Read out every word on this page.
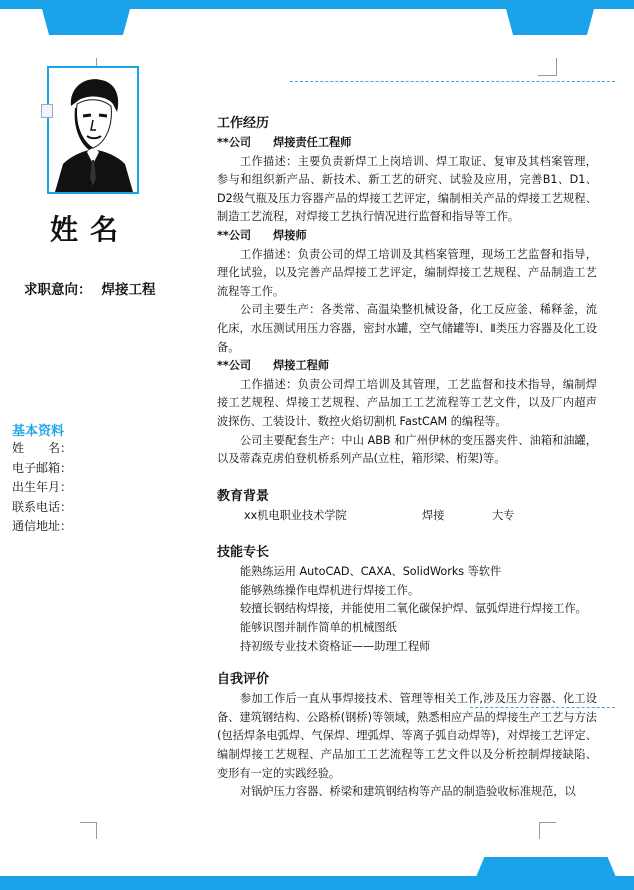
姓名
求职意向： 焊接工程
基本资料
姓　　名：
电子邮箱：
出生年月：
联系电话：
通信地址：
工作经历
**公司 焊接责任工程师

工作描述：主要负责新焊工上岗培训、焊工取证、复审及其档案管理，参与和组织新产品、新技术、新工艺的研究、试验及应用，完善B1、D1、D2级气瓶及压力容器产品的焊接工艺评定，编制相关产品的焊接工艺规程、制造工艺流程，对焊接工艺执行情况进行监督和指导等工作。

**公司 焊接师

工作描述：负责公司的焊工培训及其档案管理，现场工艺监督和指导，理化试验，以及完善产品焊接工艺评定，编制焊接工艺规程、产品制造工艺流程等工作。

公司主要生产：各类常、高温染整机械设备，化工反应釜、稀释釜，流化床，水压测试用压力容器，密封水罐，空气储罐等Ⅰ、Ⅱ类压力容器及化工设备。

**公司 焊接工程师

工作描述：负责公司焊工培训及其管理，工艺监督和技术指导，编制焊接工艺规程、焊接工艺规程、产品加工工艺流程等工艺文件，以及厂内超声波探伤、工装设计、数控火焰切割机 FastCAM 的编程等。

公司主要配套生产：中山 ABB 和广州伊林的变压器夹件、油箱和油罐，以及蒂森克虏伯登机桥系列产品(立柱，箱形梁、桁架)等。

教育背景
xx机电职业技术学院	焊接	大专
技能专长
能熟练运用 AutoCAD、CAXA、SolidWorks 等软件
能够熟练操作电焊机进行焊接工作。
较擅长钢结构焊接，并能使用二氧化碳保护焊、氩弧焊进行焊接工作。
能够识图并制作简单的机械图纸
持初级专业技术资格证——助理工程师
自我评价

参加工作后一直从事焊接技术、管理等相关工作,涉及压力容器、化工设备、建筑钢结构、公路桥(钢桥)等领域，熟悉相应产品的焊接生产工艺与方法(包括焊条电弧焊、气保焊、埋弧焊、等离子弧自动焊等)，对焊接工艺评定、编制焊接工艺规程、产品加工工艺流程等工艺文件以及分析控制焊接缺陷、变形有一定的实践经验。

对锅炉压力容器、桥梁和建筑钢结构等产品的制造验收标准规范，以
